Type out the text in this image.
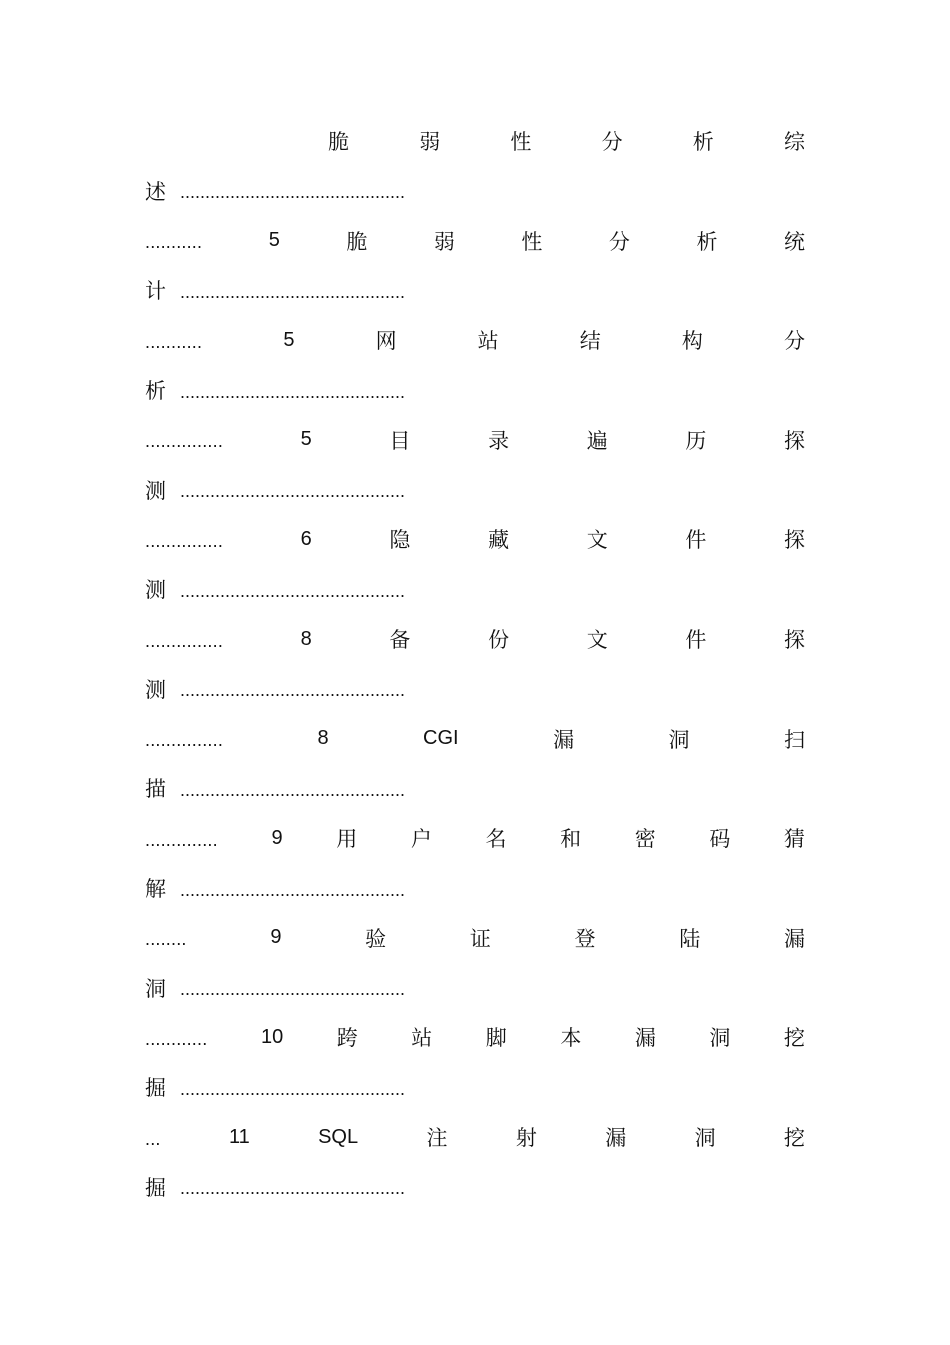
脆	弱	性	分	析	综
述 .............................................
...........	5	脆	弱	性	分	析	统
计 .............................................
...........	5	网	站	结	构	分
析 .............................................
...............	5	目	录	遍	历	探
测 .............................................
...............	6	隐	藏	文	件	探
测 .............................................
...............	8	备	份	文	件	探
测 .............................................
...............	8	CGI	漏	洞	扫
描 .............................................
..............	9	用	户	名	和	密	码	猜
解 .............................................
........	9	验	证	登	陆	漏
洞 .............................................
............	10	跨	站	脚	本	漏	洞	挖
掘 .............................................
...	11	SQL	注	射	漏	洞	挖
掘 .............................................
